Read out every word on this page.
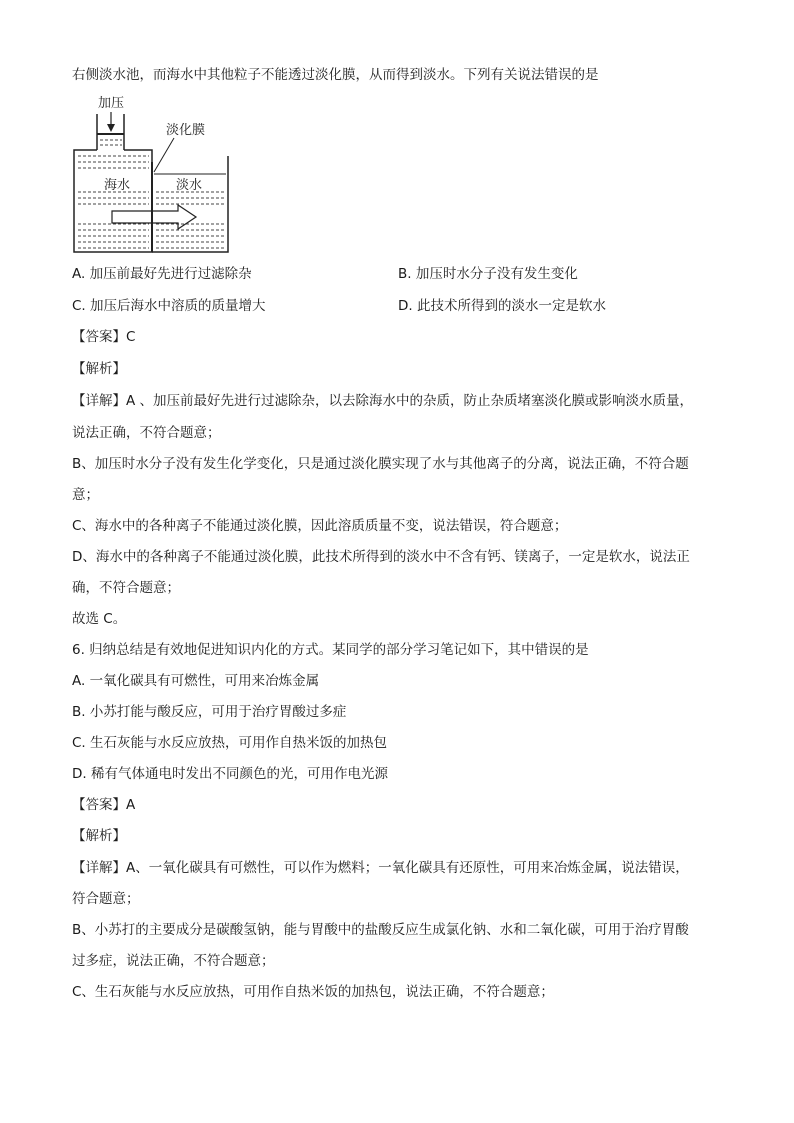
右侧淡水池，而海水中其他粒子不能透过淡化膜，从而得到淡水。下列有关说法错误的是
加压
淡化膜
海水	淡水
A. 加压前最好先进行过滤除杂	B. 加压时水分子没有发生变化
C. 加压后海水中溶质的质量增大	D. 此技术所得到的淡水一定是软水
【答案】C
【解析】
【详解】A 、加压前最好先进行过滤除杂，以去除海水中的杂质，防止杂质堵塞淡化膜或影响淡水质量，
说法正确，不符合题意；
B、加压时水分子没有发生化学变化，只是通过淡化膜实现了水与其他离子的分离，说法正确，不符合题
意；
C、海水中的各种离子不能通过淡化膜，因此溶质质量不变，说法错误，符合题意；
D、海水中的各种离子不能通过淡化膜，此技术所得到的淡水中不含有钙、镁离子，一定是软水，说法正
确，不符合题意；
故选 C。
6. 归纳总结是有效地促进知识内化的方式。某同学的部分学习笔记如下，其中错误的是
A. 一氧化碳具有可燃性，可用来冶炼金属
B. 小苏打能与酸反应，可用于治疗胃酸过多症
C. 生石灰能与水反应放热，可用作自热米饭的加热包
D. 稀有气体通电时发出不同颜色的光，可用作电光源
【答案】A
【解析】
【详解】A、一氧化碳具有可燃性，可以作为燃料；一氧化碳具有还原性，可用来冶炼金属，说法错误，
符合题意；
B、小苏打的主要成分是碳酸氢钠，能与胃酸中的盐酸反应生成氯化钠、水和二氧化碳，可用于治疗胃酸
过多症，说法正确，不符合题意；
C、生石灰能与水反应放热，可用作自热米饭的加热包，说法正确，不符合题意；
